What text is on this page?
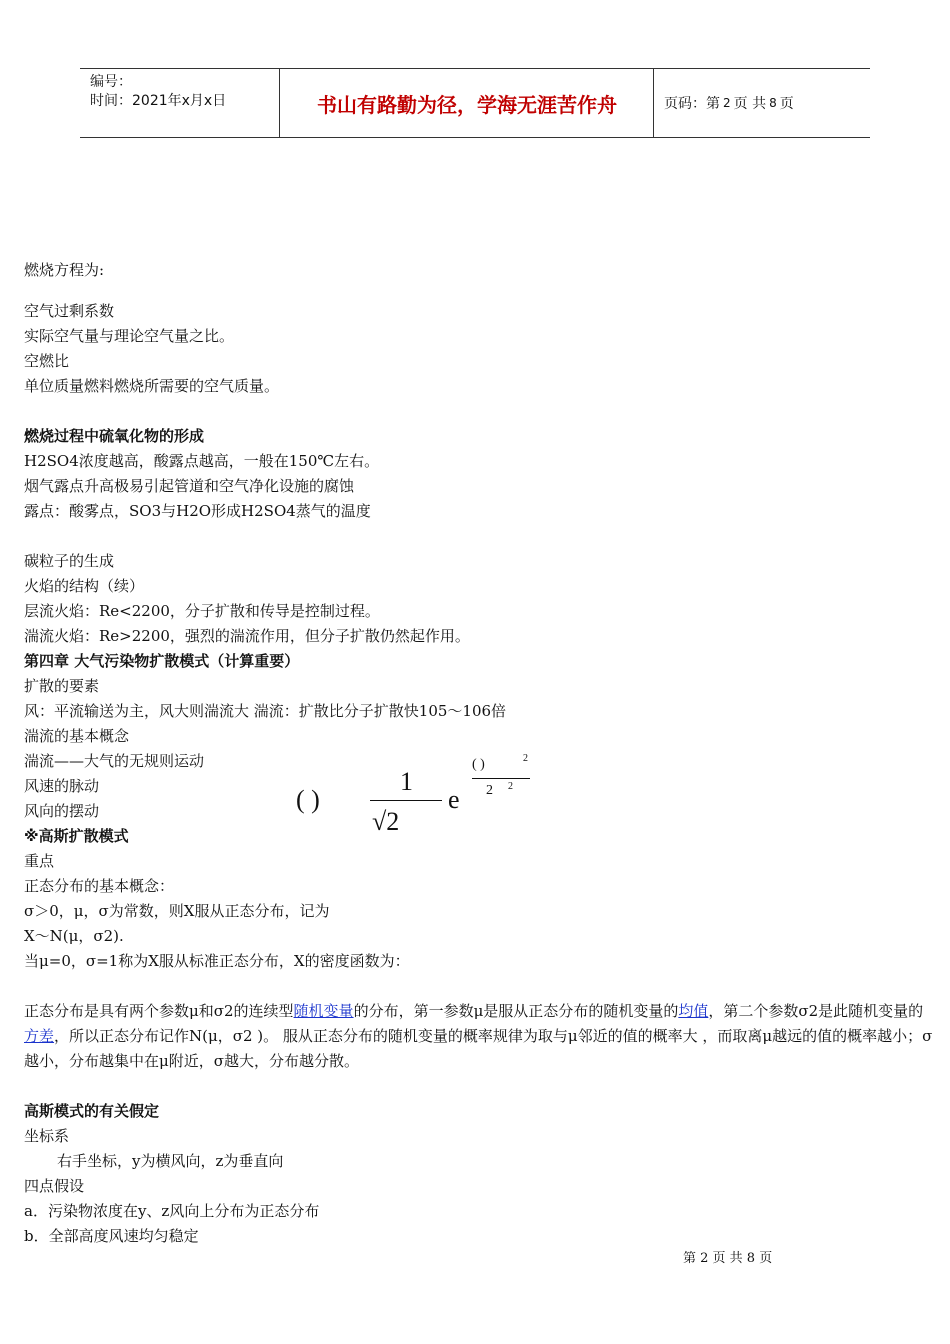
编号：
时间：2021年x月x日	书山有路勤为径，学海无涯苦作舟	页码：第 2 页 共 8 页
燃烧方程为:
空气过剩系数
实际空气量与理论空气量之比。
空燃比
单位质量燃料燃烧所需要的空气质量。
燃烧过程中硫氧化物的形成
H2SO4浓度越高，酸露点越高，一般在150℃左右。
烟气露点升高极易引起管道和空气净化设施的腐蚀
露点：酸雾点，SO3与H2O形成H2SO4蒸气的温度
碳粒子的生成
火焰的结构（续）
层流火焰：Re<2200，分子扩散和传导是控制过程。
湍流火焰：Re>2200，强烈的湍流作用，但分子扩散仍然起作用。
第四章 大气污染物扩散模式（计算重要）
扩散的要素
风：平流输送为主，风大则湍流大 湍流：扩散比分子扩散快105～106倍
湍流的基本概念
湍流——大气的无规则运动
风速的脉动
风向的摆动
※高斯扩散模式
重点
正态分布的基本概念：
σ＞0，μ，σ为常数，则X服从正态分布，记为
X～N(μ，σ2).
当μ=0，σ=1称为X服从标准正态分布，X的密度函数为：
正态分布是具有两个参数μ和σ2的连续型随机变量的分布，第一参数μ是服从正态分布的随机变量的均值，第二个参数σ2是此随机变量的方差，所以正态分布记作N(μ，σ2 )。 服从正态分布的随机变量的概率规律为取与μ邻近的值的概率大 ，而取离μ越远的值的概率越小；σ越小，分布越集中在μ附近，σ越大，分布越分散。
高斯模式的有关假定
坐标系
右手坐标，y为横风向，z为垂直向
四点假设
a．污染物浓度在y、z风向上分布为正态分布
b．全部高度风速均匀稳定
( )
1
√2
e
( )	2
2 2
第 2 页 共 8 页
